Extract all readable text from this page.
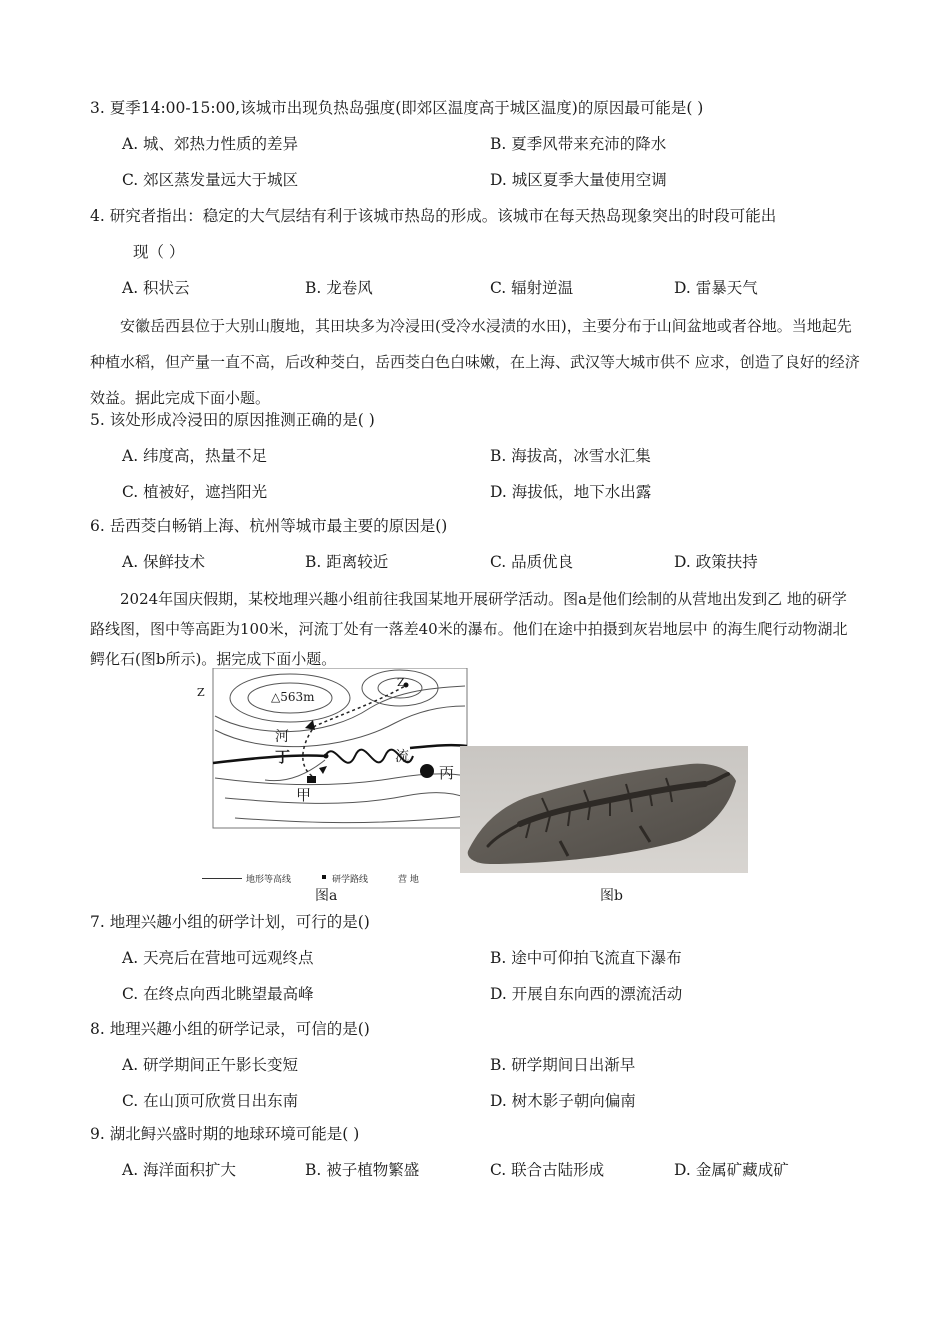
3. 夏季14:00-15:00,该城市出现负热岛强度(即郊区温度高于城区温度)的原因最可能是( )
A. 城、郊热力性质的差异	B. 夏季风带来充沛的降水
C. 郊区蒸发量远大于城区	D. 城区夏季大量使用空调
4. 研究者指出：稳定的大气层结有利于该城市热岛的形成。该城市在每天热岛现象突出的时段可能出
现（ ）
A. 积状云	B. 龙卷风	C. 辐射逆温	D. 雷暴天气
安徽岳西县位于大别山腹地，其田块多为冷浸田(受冷水浸渍的水田)，主要分布于山间盆地或者谷地。当地起先种植水稻，但产量一直不高，后改种茭白，岳西茭白色白味嫩，在上海、武汉等大城市供不 应求，创造了良好的经济效益。据此完成下面小题。
5. 该处形成冷浸田的原因推测正确的是( )
A. 纬度高，热量不足	B. 海拔高，冰雪水汇集
C. 植被好，遮挡阳光	D. 海拔低，地下水出露
6. 岳西茭白畅销上海、杭州等城市最主要的原因是()
A. 保鲜技术	B. 距离较近	C. 品质优良	D. 政策扶持
2024年国庆假期，某校地理兴趣小组前往我国某地开展研学活动。图a是他们绘制的从营地出发到乙 地的研学路线图，图中等高距为100米，河流丁处有一落差40米的瀑布。他们在途中拍摄到灰岩地层中 的海生爬行动物湖北鳄化石(图b所示)。据完成下面小题。
Z	△563m
Z
河
丁	流
丙
甲
地形等高线	研学路线	营 地
图a	图b
7. 地理兴趣小组的研学计划，可行的是()
A. 天亮后在营地可远观终点	B. 途中可仰拍飞流直下瀑布
C. 在终点向西北眺望最高峰	D. 开展自东向西的漂流活动
8. 地理兴趣小组的研学记录，可信的是()
A. 研学期间正午影长变短	B. 研学期间日出渐早
C. 在山顶可欣赏日出东南	D. 树木影子朝向偏南
9. 湖北鲟兴盛时期的地球环境可能是( )
A. 海洋面积扩大	B. 被子植物繁盛	C. 联合古陆形成	D. 金属矿藏成矿
